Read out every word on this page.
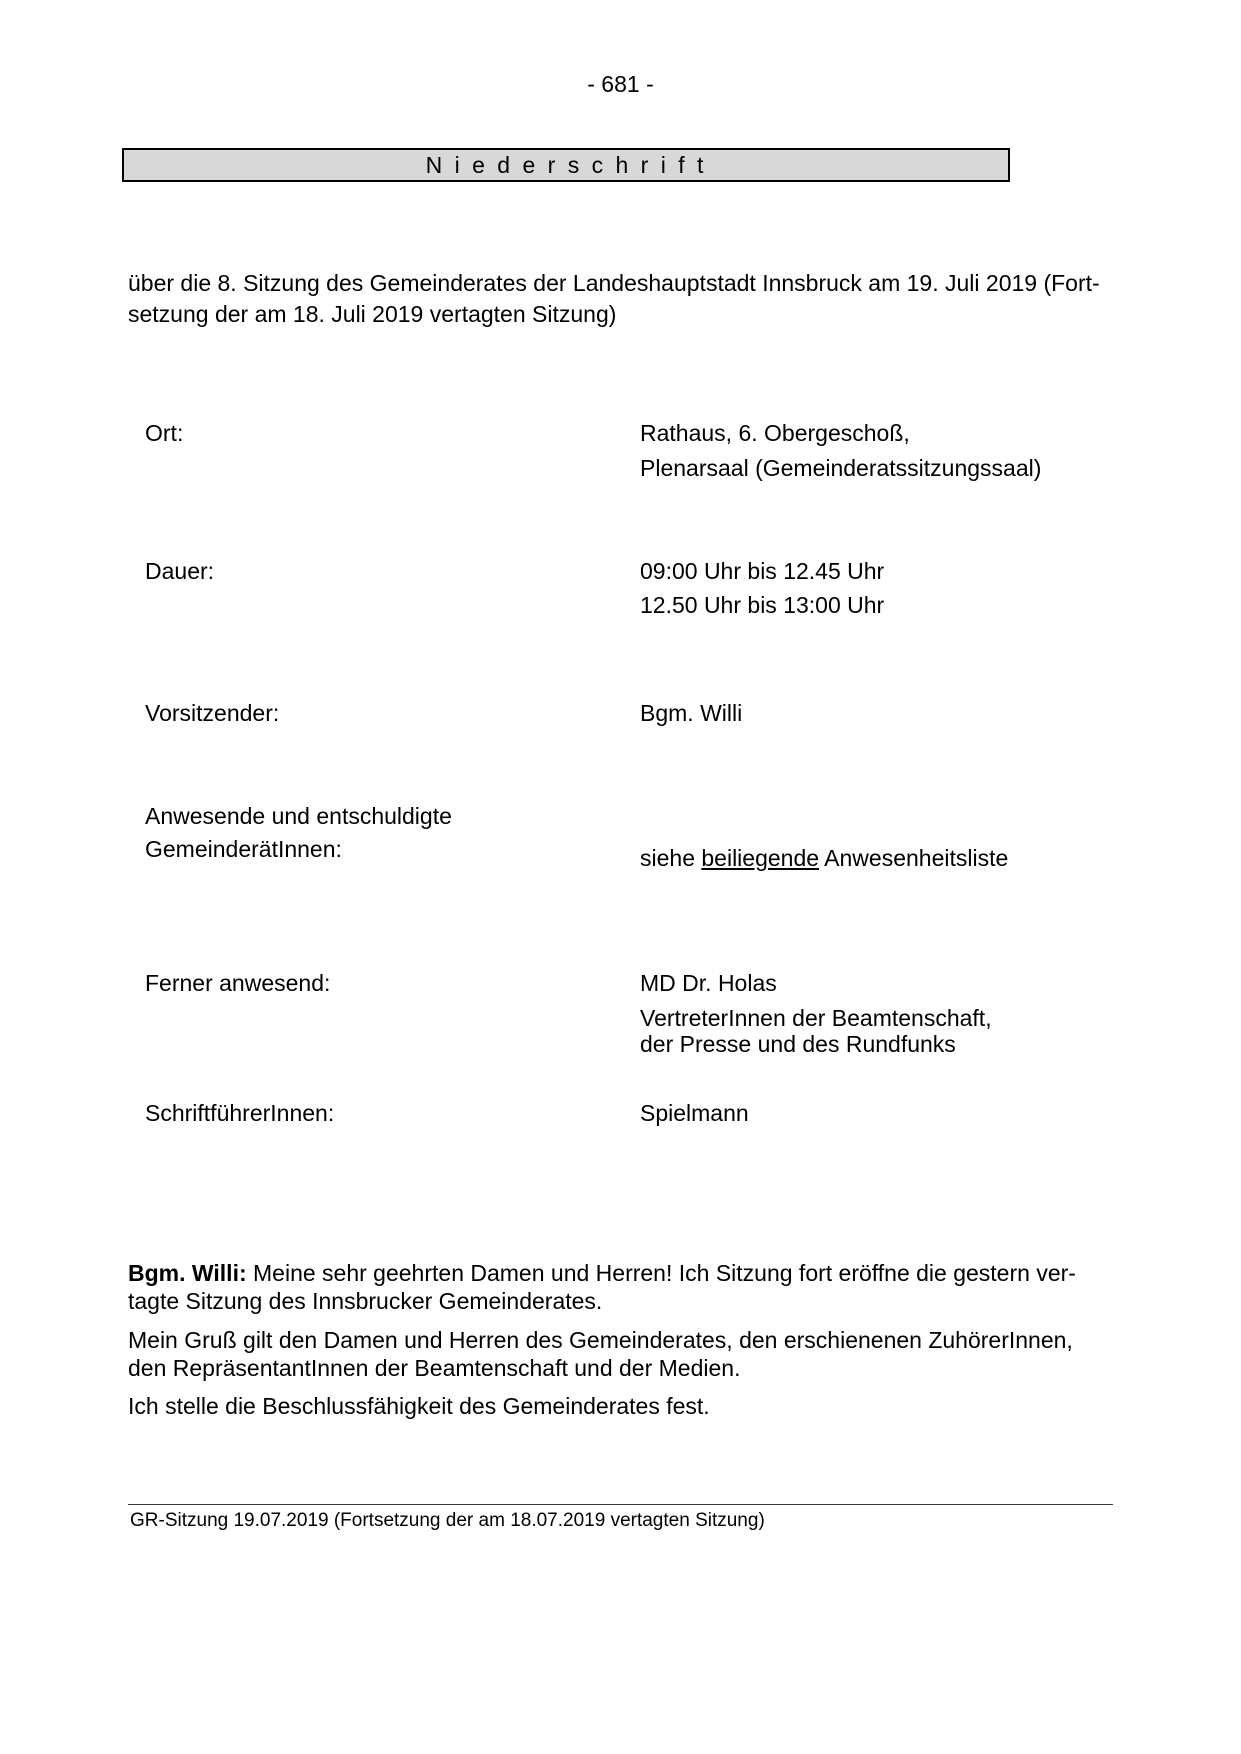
- 681 -
N i e d e r s c h r i f t
über die 8. Sitzung des Gemeinderates der Landeshauptstadt Innsbruck am 19. Juli 2019 (Fort-
setzung der am 18. Juli 2019 vertagten Sitzung)
Ort:	Rathaus, 6. Obergeschoß,
Plenarsaal (Gemeinderatssitzungssaal)
Dauer:	09:00 Uhr bis 12.45 Uhr
12.50 Uhr bis 13:00 Uhr
Vorsitzender:	Bgm. Willi
Anwesende und entschuldigte
GemeinderätInnen:	siehe beiliegende Anwesenheitsliste
Ferner anwesend:	MD Dr. Holas
VertreterInnen der Beamtenschaft,
der Presse und des Rundfunks
SchriftführerInnen:	Spielmann
Bgm. Willi: Meine sehr geehrten Damen und Herren! Ich Sitzung fort eröffne die gestern ver-
tagte Sitzung des Innsbrucker Gemeinderates.
Mein Gruß gilt den Damen und Herren des Gemeinderates, den erschienenen ZuhörerInnen,
den RepräsentantInnen der Beamtenschaft und der Medien.
Ich stelle die Beschlussfähigkeit des Gemeinderates fest.
GR-Sitzung 19.07.2019 (Fortsetzung der am 18.07.2019 vertagten Sitzung)
